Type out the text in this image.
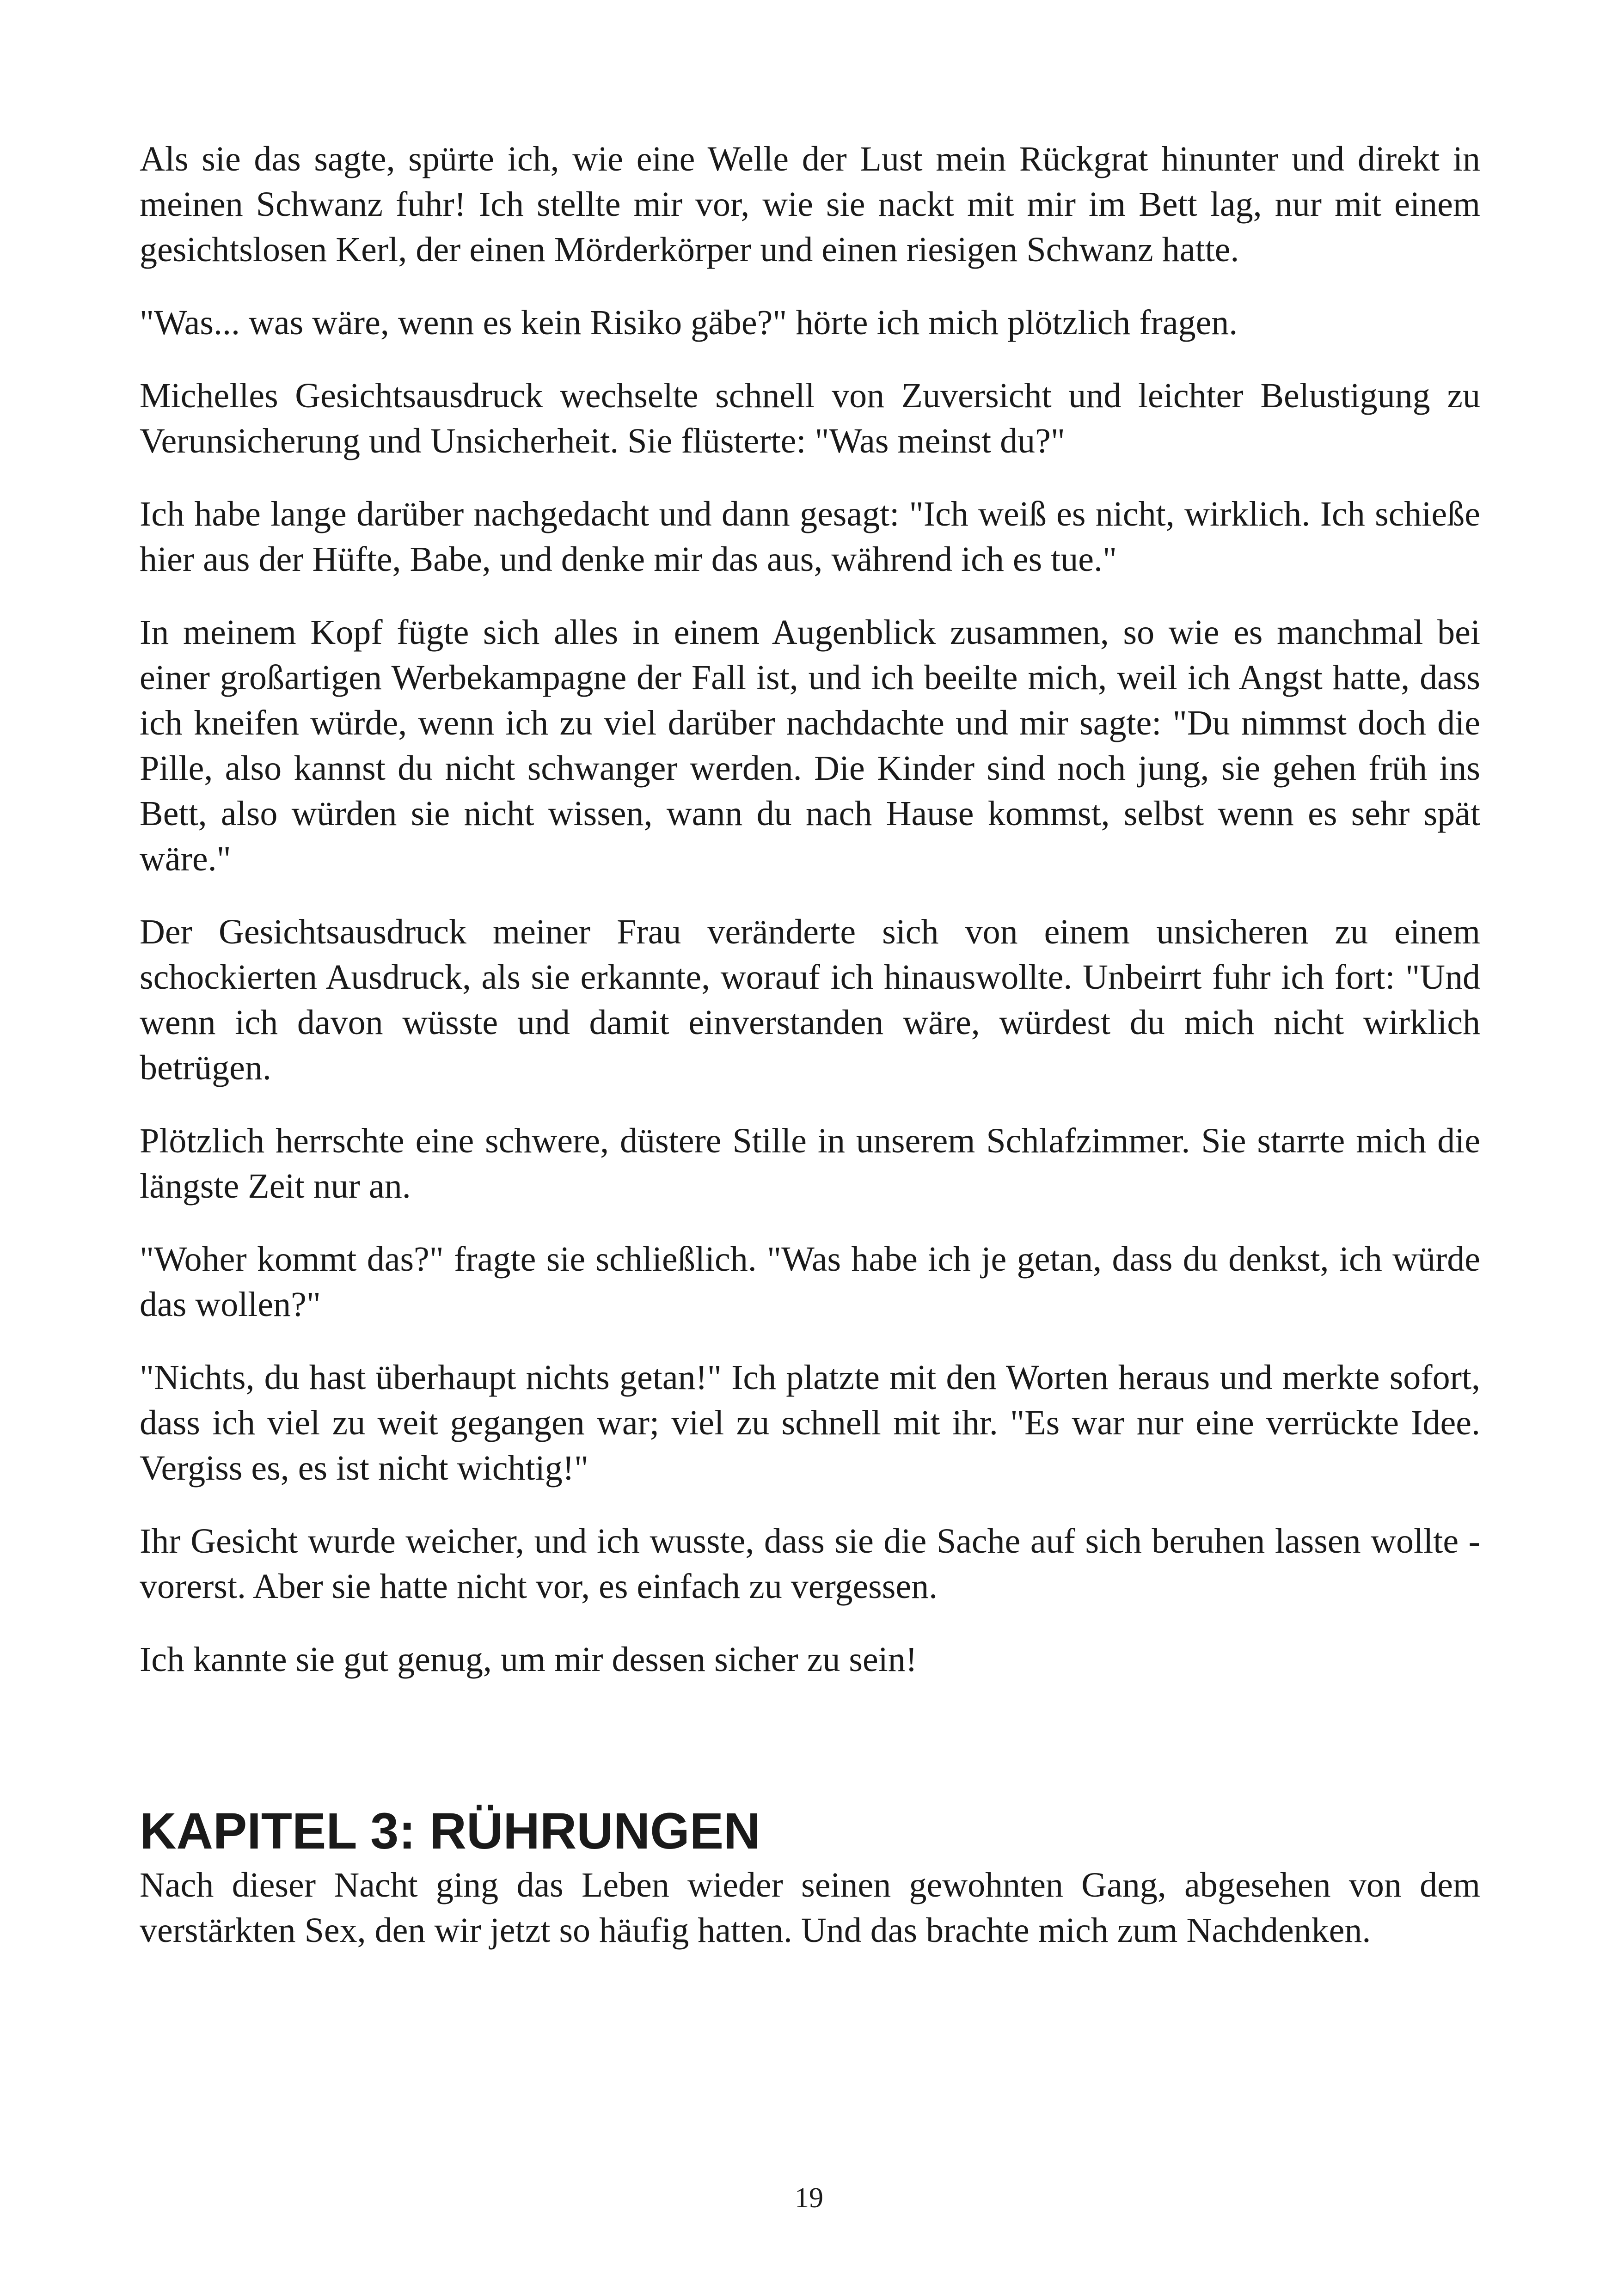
Als sie das sagte, spürte ich, wie eine Welle der Lust mein Rückgrat hinunter und direkt in meinen Schwanz fuhr! Ich stellte mir vor, wie sie nackt mit mir im Bett lag, nur mit einem gesichtslosen Kerl, der einen Mörderkörper und einen riesigen Schwanz hatte.

"Was... was wäre, wenn es kein Risiko gäbe?" hörte ich mich plötzlich fragen.

Michelles Gesichtsausdruck wechselte schnell von Zuversicht und leichter Belustigung zu Verunsicherung und Unsicherheit. Sie flüsterte: "Was meinst du?"

Ich habe lange darüber nachgedacht und dann gesagt: "Ich weiß es nicht, wirklich. Ich schieße hier aus der Hüfte, Babe, und denke mir das aus, während ich es tue."

In meinem Kopf fügte sich alles in einem Augenblick zusammen, so wie es manchmal bei einer großartigen Werbekampagne der Fall ist, und ich beeilte mich, weil ich Angst hatte, dass ich kneifen würde, wenn ich zu viel darüber nachdachte und mir sagte: "Du nimmst doch die Pille, also kannst du nicht schwanger werden. Die Kinder sind noch jung, sie gehen früh ins Bett, also würden sie nicht wissen, wann du nach Hause kommst, selbst wenn es sehr spät wäre."

Der Gesichtsausdruck meiner Frau veränderte sich von einem unsicheren zu einem schockierten Ausdruck, als sie erkannte, worauf ich hinauswollte. Unbeirrt fuhr ich fort: "Und wenn ich davon wüsste und damit einverstanden wäre, würdest du mich nicht wirklich betrügen.

Plötzlich herrschte eine schwere, düstere Stille in unserem Schlafzimmer. Sie starrte mich die längste Zeit nur an.

"Woher kommt das?" fragte sie schließlich. "Was habe ich je getan, dass du denkst, ich würde das wollen?"

"Nichts, du hast überhaupt nichts getan!" Ich platzte mit den Worten heraus und merkte sofort, dass ich viel zu weit gegangen war; viel zu schnell mit ihr. "Es war nur eine verrückte Idee. Vergiss es, es ist nicht wichtig!"

Ihr Gesicht wurde weicher, und ich wusste, dass sie die Sache auf sich beruhen lassen wollte - vorerst. Aber sie hatte nicht vor, es einfach zu vergessen.

Ich kannte sie gut genug, um mir dessen sicher zu sein!

KAPITEL 3: RÜHRUNGEN

Nach dieser Nacht ging das Leben wieder seinen gewohnten Gang, abgesehen von dem verstärkten Sex, den wir jetzt so häufig hatten. Und das brachte mich zum Nachdenken.

19
